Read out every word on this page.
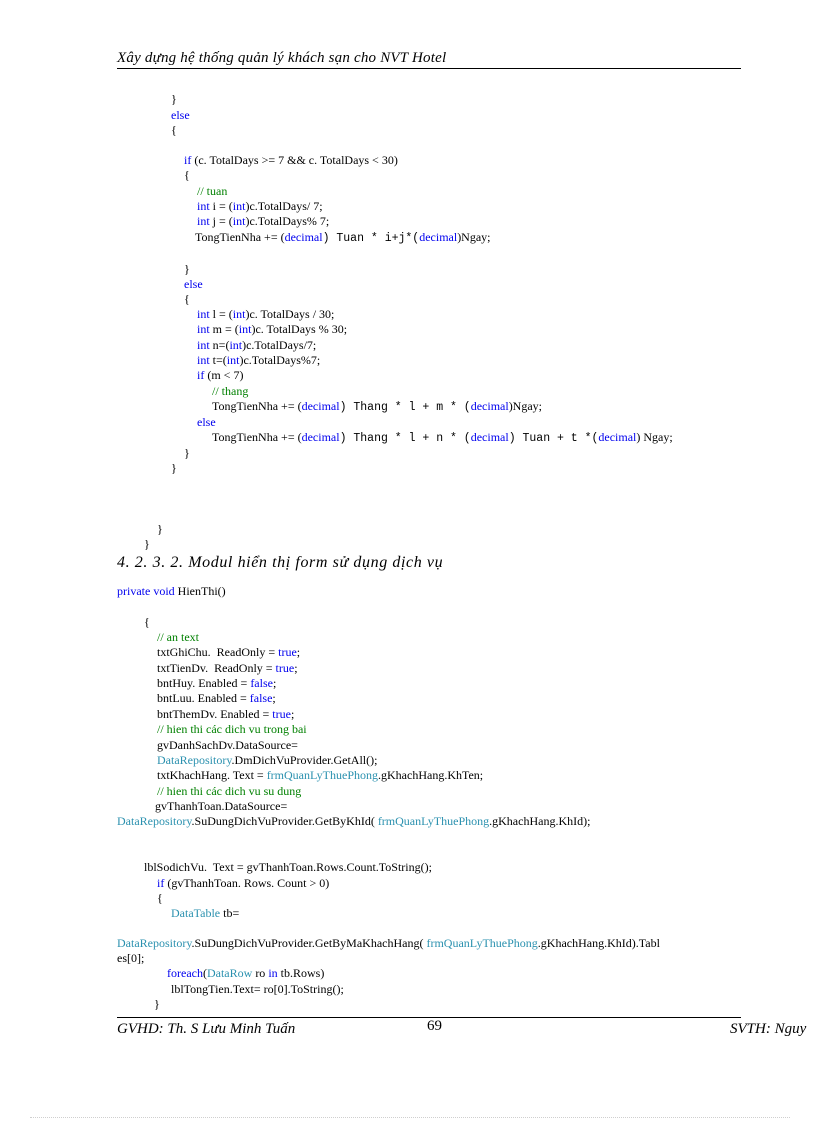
Xây dựng hệ thống quản lý khách sạn cho NVT Hotel
}
else
{
if (c. TotalDays >= 7 && c. TotalDays < 30)
{
// tuan
int i = (int)c.TotalDays/ 7;
int j = (int)c.TotalDays% 7;
TongTienNha += (decimal) Tuan * i+j*(decimal)Ngay;
}
else
{
int l = (int)c. TotalDays / 30;
int m = (int)c. TotalDays % 30;
int n=(int)c.TotalDays/7;
int t=(int)c.TotalDays%7;
if (m < 7)
// thang
TongTienNha += (decimal) Thang * l + m * (decimal)Ngay;
else
TongTienNha += (decimal) Thang * l + n * (decimal) Tuan + t *(decimal) Ngay;
}
}
}
}
4. 2. 3. 2. Modul hiển thị form sử dụng dịch vụ
private void HienThi()
{
// an text
txtGhiChu.  ReadOnly = true;
txtTienDv.  ReadOnly = true;
bntHuy. Enabled = false;
bntLuu. Enabled = false;
bntThemDv. Enabled = true;
// hien thi các dich vu trong bai
gvDanhSachDv.DataSource=
DataRepository.DmDichVuProvider.GetAll();
txtKhachHang. Text = frmQuanLyThuePhong.gKhachHang.KhTen;
// hien thi các dich vu su dung
gvThanhToan.DataSource=
DataRepository.SuDungDichVuProvider.GetByKhId( frmQuanLyThuePhong.gKhachHang.KhId);
lblSodichVu.  Text = gvThanhToan.Rows.Count.ToString();
if (gvThanhToan. Rows. Count > 0)
{
DataTable tb=
DataRepository.SuDungDichVuProvider.GetByMaKhachHang( frmQuanLyThuePhong.gKhachHang.KhId).Tabl
es[0];
foreach(DataRow ro in tb.Rows)
lblTongTien.Text= ro[0].ToString();
}
GVHD: Th. S Lưu Minh Tuấn	69	SVTH: Nguy
